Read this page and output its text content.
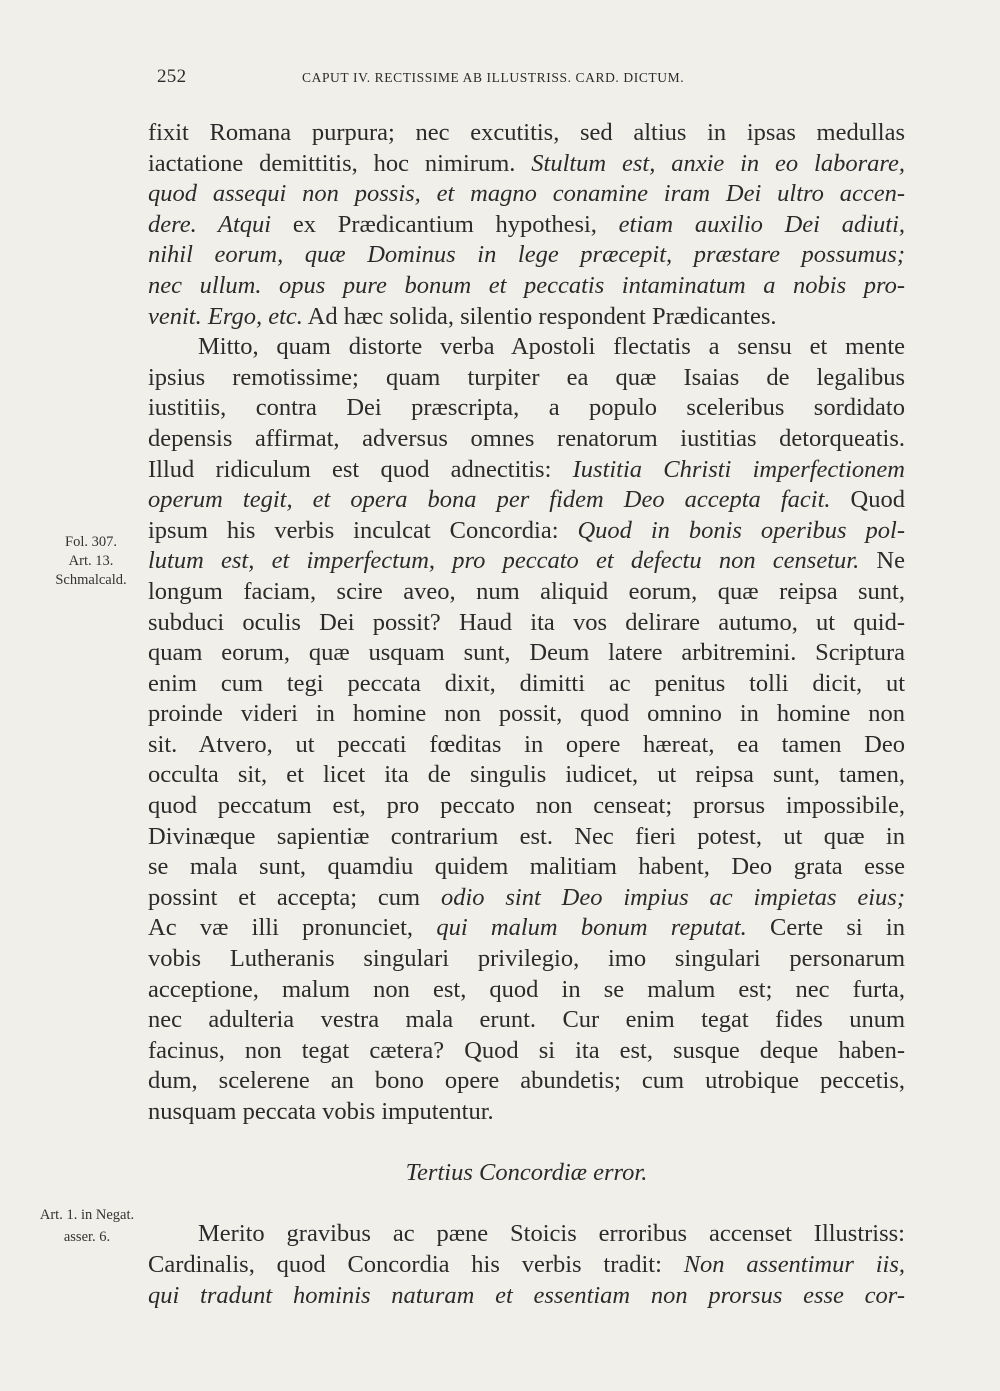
252	CAPUT IV. RECTISSIME AB ILLUSTRISS. CARD. DICTUM.
Fol. 307.
Art. 13.
Schmalcald.
Art. 1. in Negat.
asser. 6.
fixit Romana purpura; nec excutitis, sed altius in ipsas medullas
iactatione demittitis, hoc nimirum. Stultum est, anxie in eo laborare,
quod assequi non possis, et magno conamine iram Dei ultro accen-
dere. Atqui ex Prædicantium hypothesi, etiam auxilio Dei adiuti,
nihil eorum, quæ Dominus in lege præcepit, præstare possumus;
nec ullum. opus pure bonum et peccatis intaminatum a nobis pro-
venit. Ergo, etc. Ad hæc solida, silentio respondent Prædicantes.
Mitto, quam distorte verba Apostoli flectatis a sensu et mente
ipsius remotissime; quam turpiter ea quæ Isaias de legalibus
iustitiis, contra Dei præscripta, a populo sceleribus sordidato
depensis affirmat, adversus omnes renatorum iustitias detorqueatis.
Illud ridiculum est quod adnectitis: Iustitia Christi imperfectionem
operum tegit, et opera bona per fidem Deo accepta facit. Quod
ipsum his verbis inculcat Concordia: Quod in bonis operibus pol-
lutum est, et imperfectum, pro peccato et defectu non censetur. Ne
longum faciam, scire aveo, num aliquid eorum, quæ reipsa sunt,
subduci oculis Dei possit? Haud ita vos delirare autumo, ut quid-
quam eorum, quæ usquam sunt, Deum latere arbitremini. Scriptura
enim cum tegi peccata dixit, dimitti ac penitus tolli dicit, ut
proinde videri in homine non possit, quod omnino in homine non
sit. Atvero, ut peccati fœditas in opere hæreat, ea tamen Deo
occulta sit, et licet ita de singulis iudicet, ut reipsa sunt, tamen,
quod peccatum est, pro peccato non censeat; prorsus impossibile,
Divinæque sapientiæ contrarium est. Nec fieri potest, ut quæ in
se mala sunt, quamdiu quidem malitiam habent, Deo grata esse
possint et accepta; cum odio sint Deo impius ac impietas eius;
Ac væ illi pronunciet, qui malum bonum reputat. Certe si in
vobis Lutheranis singulari privilegio, imo singulari personarum
acceptione, malum non est, quod in se malum est; nec furta,
nec adulteria vestra mala erunt. Cur enim tegat fides unum
facinus, non tegat cætera? Quod si ita est, susque deque haben-
dum, scelerene an bono opere abundetis; cum utrobique peccetis,
nusquam peccata vobis imputentur.
Tertius Concordiæ error.
Merito gravibus ac pæne Stoicis erroribus accenset Illustriss:
Cardinalis, quod Concordia his verbis tradit: Non assentimur iis,
qui tradunt hominis naturam et essentiam non prorsus esse cor-
